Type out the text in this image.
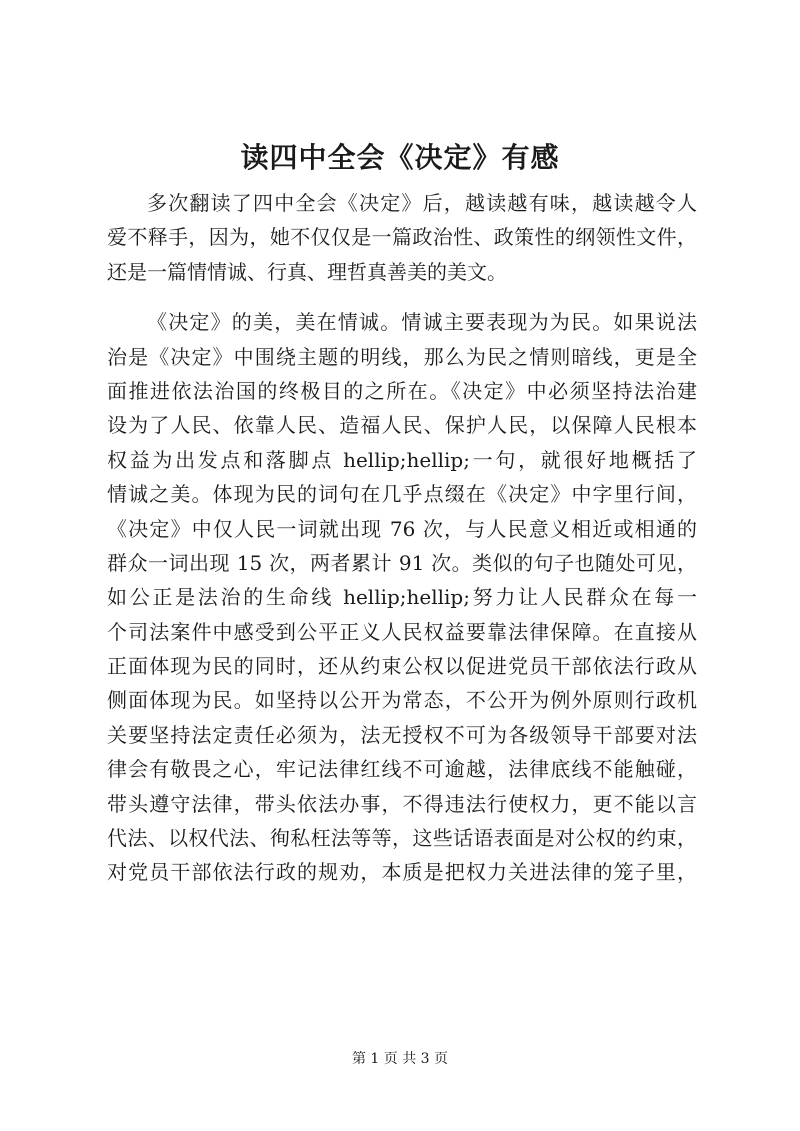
读四中全会《决定》有感
多次翻读了四中全会《决定》后，越读越有味，越读越令人
爱不释手，因为，她不仅仅是一篇政治性、政策性的纲领性文件，
还是一篇情情诚、行真、理哲真善美的美文。
《决定》的美，美在情诚。情诚主要表现为为民。如果说法
治是《决定》中围绕主题的明线，那么为民之情则暗线，更是全
面推进依法治国的终极目的之所在。《决定》中必须坚持法治建
设为了人民、依靠人民、造福人民、保护人民，以保障人民根本
权益为出发点和落脚点 hellip;hellip;一句，就很好地概括了
情诚之美。体现为民的词句在几乎点缀在《决定》中字里行间，
《决定》中仅人民一词就出现 76 次，与人民意义相近或相通的
群众一词出现 15 次，两者累计 91 次。类似的句子也随处可见，
如公正是法治的生命线 hellip;hellip;努力让人民群众在每一
个司法案件中感受到公平正义人民权益要靠法律保障。在直接从
正面体现为民的同时，还从约束公权以促进党员干部依法行政从
侧面体现为民。如坚持以公开为常态，不公开为例外原则行政机
关要坚持法定责任必须为，法无授权不可为各级领导干部要对法
律会有敬畏之心，牢记法律红线不可逾越，法律底线不能触碰，
带头遵守法律，带头依法办事，不得违法行使权力，更不能以言
代法、以权代法、徇私枉法等等，这些话语表面是对公权的约束，
对党员干部依法行政的规劝，本质是把权力关进法律的笼子里，
第 1 页 共 3 页
